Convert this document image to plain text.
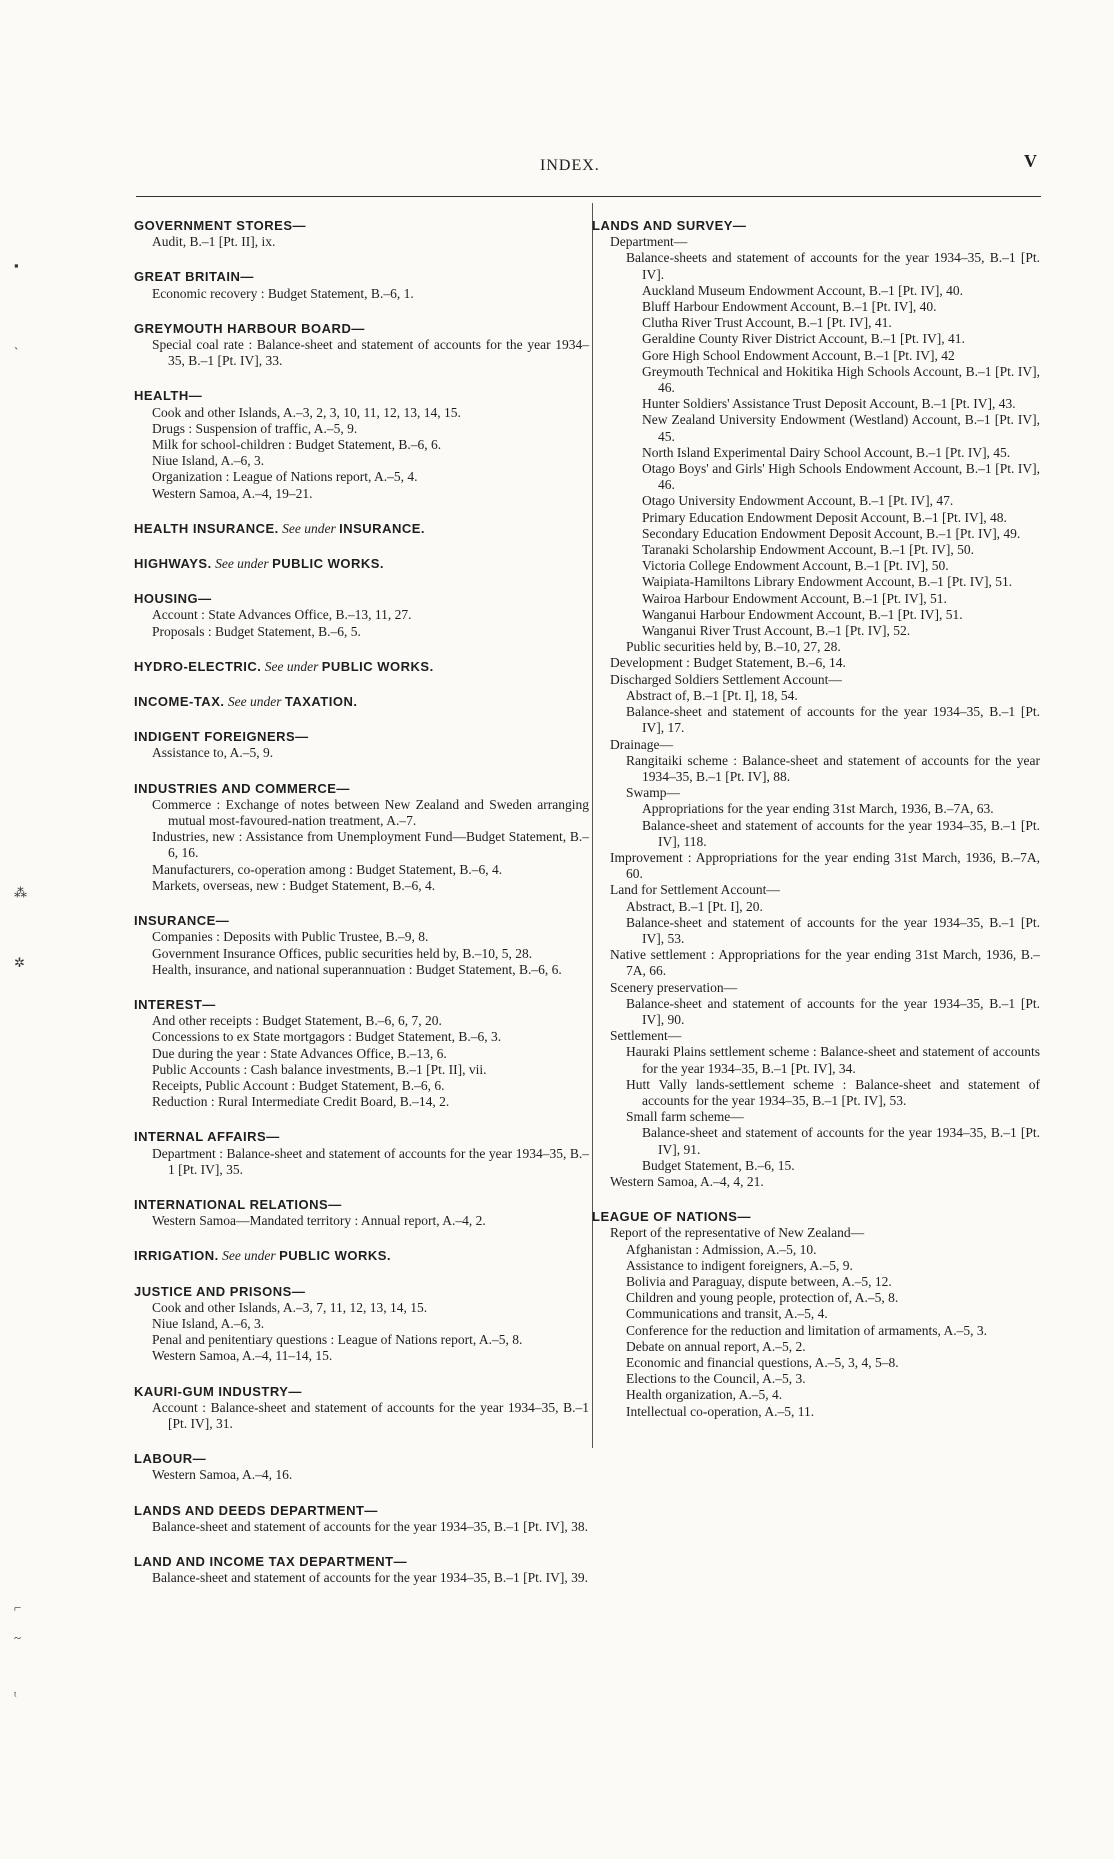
INDEX.	V
▪
ˎ
⁂
✲
⌐
~
ᵗ
GOVERNMENT STORES—
Audit, B.–1 [Pt. II], ix.
GREAT BRITAIN—
Economic recovery : Budget Statement, B.–6, 1.
GREYMOUTH HARBOUR BOARD—
Special coal rate : Balance-sheet and statement of accounts for the year 1934–35, B.–1 [Pt. IV], 33.
HEALTH—
Cook and other Islands, A.–3, 2, 3, 10, 11, 12, 13, 14, 15.
Drugs : Suspension of traffic, A.–5, 9.
Milk for school-children : Budget Statement, B.–6, 6.
Niue Island, A.–6, 3.
Organization : League of Nations report, A.–5, 4.
Western Samoa, A.–4, 19–21.
HEALTH INSURANCE. See under INSURANCE.
HIGHWAYS. See under PUBLIC WORKS.
HOUSING—
Account : State Advances Office, B.–13, 11, 27.
Proposals : Budget Statement, B.–6, 5.
HYDRO-ELECTRIC. See under PUBLIC WORKS.
INCOME-TAX. See under TAXATION.
INDIGENT FOREIGNERS—
Assistance to, A.–5, 9.
INDUSTRIES AND COMMERCE—
Commerce : Exchange of notes between New Zealand and Sweden arranging mutual most-favoured-nation treatment, A.–7.
Industries, new : Assistance from Unemployment Fund—Budget Statement, B.–6, 16.
Manufacturers, co-operation among : Budget Statement, B.–6, 4.
Markets, overseas, new : Budget Statement, B.–6, 4.
INSURANCE—
Companies : Deposits with Public Trustee, B.–9, 8.
Government Insurance Offices, public securities held by, B.–10, 5, 28.
Health, insurance, and national superannuation : Budget Statement, B.–6, 6.
INTEREST—
And other receipts : Budget Statement, B.–6, 6, 7, 20.
Concessions to ex State mortgagors : Budget Statement, B.–6, 3.
Due during the year : State Advances Office, B.–13, 6.
Public Accounts : Cash balance investments, B.–1 [Pt. II], vii.
Receipts, Public Account : Budget Statement, B.–6, 6.
Reduction : Rural Intermediate Credit Board, B.–14, 2.
INTERNAL AFFAIRS—
Department : Balance-sheet and statement of accounts for the year 1934–35, B.–1 [Pt. IV], 35.
INTERNATIONAL RELATIONS—
Western Samoa—Mandated territory : Annual report, A.–4, 2.
IRRIGATION. See under PUBLIC WORKS.
JUSTICE AND PRISONS—
Cook and other Islands, A.–3, 7, 11, 12, 13, 14, 15.
Niue Island, A.–6, 3.
Penal and penitentiary questions : League of Nations report, A.–5, 8.
Western Samoa, A.–4, 11–14, 15.
KAURI-GUM INDUSTRY—
Account : Balance-sheet and statement of accounts for the year 1934–35, B.–1 [Pt. IV], 31.
LABOUR—
Western Samoa, A.–4, 16.
LANDS AND DEEDS DEPARTMENT—
Balance-sheet and statement of accounts for the year 1934–35, B.–1 [Pt. IV], 38.
LAND AND INCOME TAX DEPARTMENT—
Balance-sheet and statement of accounts for the year 1934–35, B.–1 [Pt. IV], 39.
LANDS AND SURVEY—
Department—
Balance-sheets and statement of accounts for the year 1934–35, B.–1 [Pt. IV].
Auckland Museum Endowment Account, B.–1 [Pt. IV], 40.
Bluff Harbour Endowment Account, B.–1 [Pt. IV], 40.
Clutha River Trust Account, B.–1 [Pt. IV], 41.
Geraldine County River District Account, B.–1 [Pt. IV], 41.
Gore High School Endowment Account, B.–1 [Pt. IV], 42
Greymouth Technical and Hokitika High Schools Account, B.–1 [Pt. IV], 46.
Hunter Soldiers' Assistance Trust Deposit Account, B.–1 [Pt. IV], 43.
New Zealand University Endowment (Westland) Account, B.–1 [Pt. IV], 45.
North Island Experimental Dairy School Account, B.–1 [Pt. IV], 45.
Otago Boys' and Girls' High Schools Endowment Account, B.–1 [Pt. IV], 46.
Otago University Endowment Account, B.–1 [Pt. IV], 47.
Primary Education Endowment Deposit Account, B.–1 [Pt. IV], 48.
Secondary Education Endowment Deposit Account, B.–1 [Pt. IV], 49.
Taranaki Scholarship Endowment Account, B.–1 [Pt. IV], 50.
Victoria College Endowment Account, B.–1 [Pt. IV], 50.
Waipiata-Hamiltons Library Endowment Account, B.–1 [Pt. IV], 51.
Wairoa Harbour Endowment Account, B.–1 [Pt. IV], 51.
Wanganui Harbour Endowment Account, B.–1 [Pt. IV], 51.
Wanganui River Trust Account, B.–1 [Pt. IV], 52.
Public securities held by, B.–10, 27, 28.
Development : Budget Statement, B.–6, 14.
Discharged Soldiers Settlement Account—
Abstract of, B.–1 [Pt. I], 18, 54.
Balance-sheet and statement of accounts for the year 1934–35, B.–1 [Pt. IV], 17.
Drainage—
Rangitaiki scheme : Balance-sheet and statement of accounts for the year 1934–35, B.–1 [Pt. IV], 88.
Swamp—
Appropriations for the year ending 31st March, 1936, B.–7A, 63.
Balance-sheet and statement of accounts for the year 1934–35, B.–1 [Pt. IV], 118.
Improvement : Appropriations for the year ending 31st March, 1936, B.–7A, 60.
Land for Settlement Account—
Abstract, B.–1 [Pt. I], 20.
Balance-sheet and statement of accounts for the year 1934–35, B.–1 [Pt. IV], 53.
Native settlement : Appropriations for the year ending 31st March, 1936, B.–7A, 66.
Scenery preservation—
Balance-sheet and statement of accounts for the year 1934–35, B.–1 [Pt. IV], 90.
Settlement—
Hauraki Plains settlement scheme : Balance-sheet and statement of accounts for the year 1934–35, B.–1 [Pt. IV], 34.
Hutt Vally lands-settlement scheme : Balance-sheet and statement of accounts for the year 1934–35, B.–1 [Pt. IV], 53.
Small farm scheme—
Balance-sheet and statement of accounts for the year 1934–35, B.–1 [Pt. IV], 91.
Budget Statement, B.–6, 15.
Western Samoa, A.–4, 4, 21.
LEAGUE OF NATIONS—
Report of the representative of New Zealand—
Afghanistan : Admission, A.–5, 10.
Assistance to indigent foreigners, A.–5, 9.
Bolivia and Paraguay, dispute between, A.–5, 12.
Children and young people, protection of, A.–5, 8.
Communications and transit, A.–5, 4.
Conference for the reduction and limitation of armaments, A.–5, 3.
Debate on annual report, A.–5, 2.
Economic and financial questions, A.–5, 3, 4, 5–8.
Elections to the Council, A.–5, 3.
Health organization, A.–5, 4.
Intellectual co-operation, A.–5, 11.
